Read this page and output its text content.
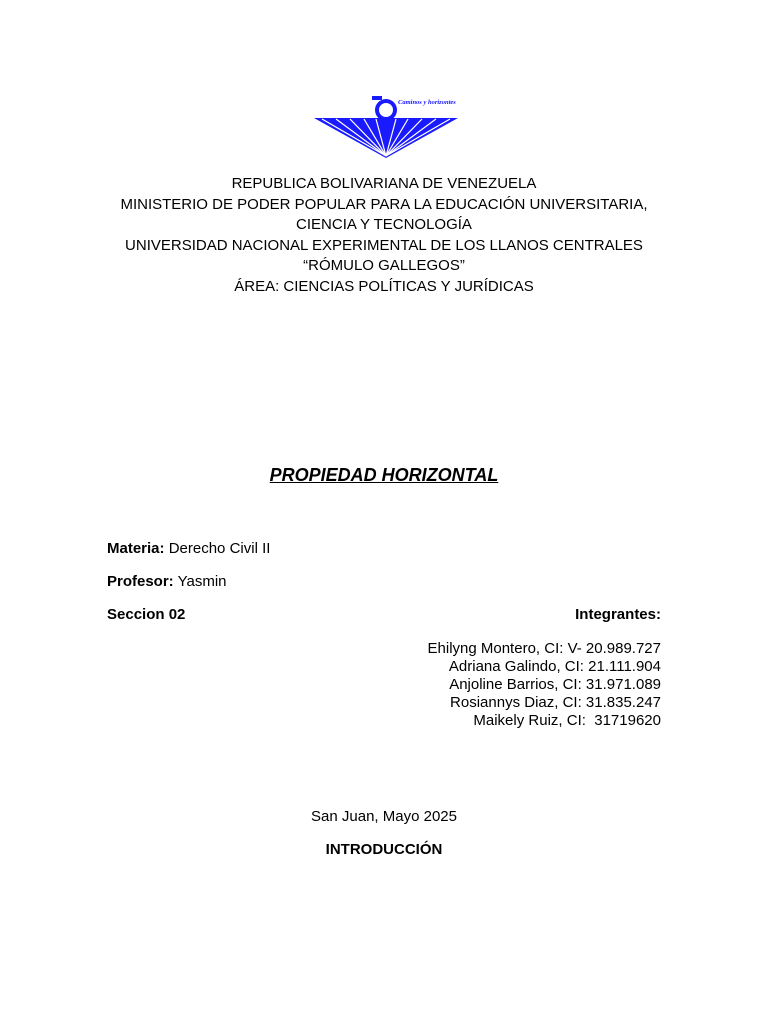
Caminos y horizontes
REPUBLICA BOLIVARIANA DE VENEZUELA
MINISTERIO DE PODER POPULAR PARA LA EDUCACIÓN UNIVERSITARIA,
CIENCIA Y TECNOLOGÍA
UNIVERSIDAD NACIONAL EXPERIMENTAL DE LOS LLANOS CENTRALES
“RÓMULO GALLEGOS”
ÁREA: CIENCIAS POLÍTICAS Y JURÍDICAS
PROPIEDAD HORIZONTAL
Materia: Derecho Civil II
Profesor: Yasmin
Seccion 02	Integrantes:
Ehilyng Montero, CI: V- 20.989.727
Adriana Galindo, CI: 21.111.904
Anjoline Barrios, CI: 31.971.089
Rosiannys Diaz, CI: 31.835.247
Maikely Ruiz, CI:  31719620
San Juan, Mayo 2025
INTRODUCCIÓN
